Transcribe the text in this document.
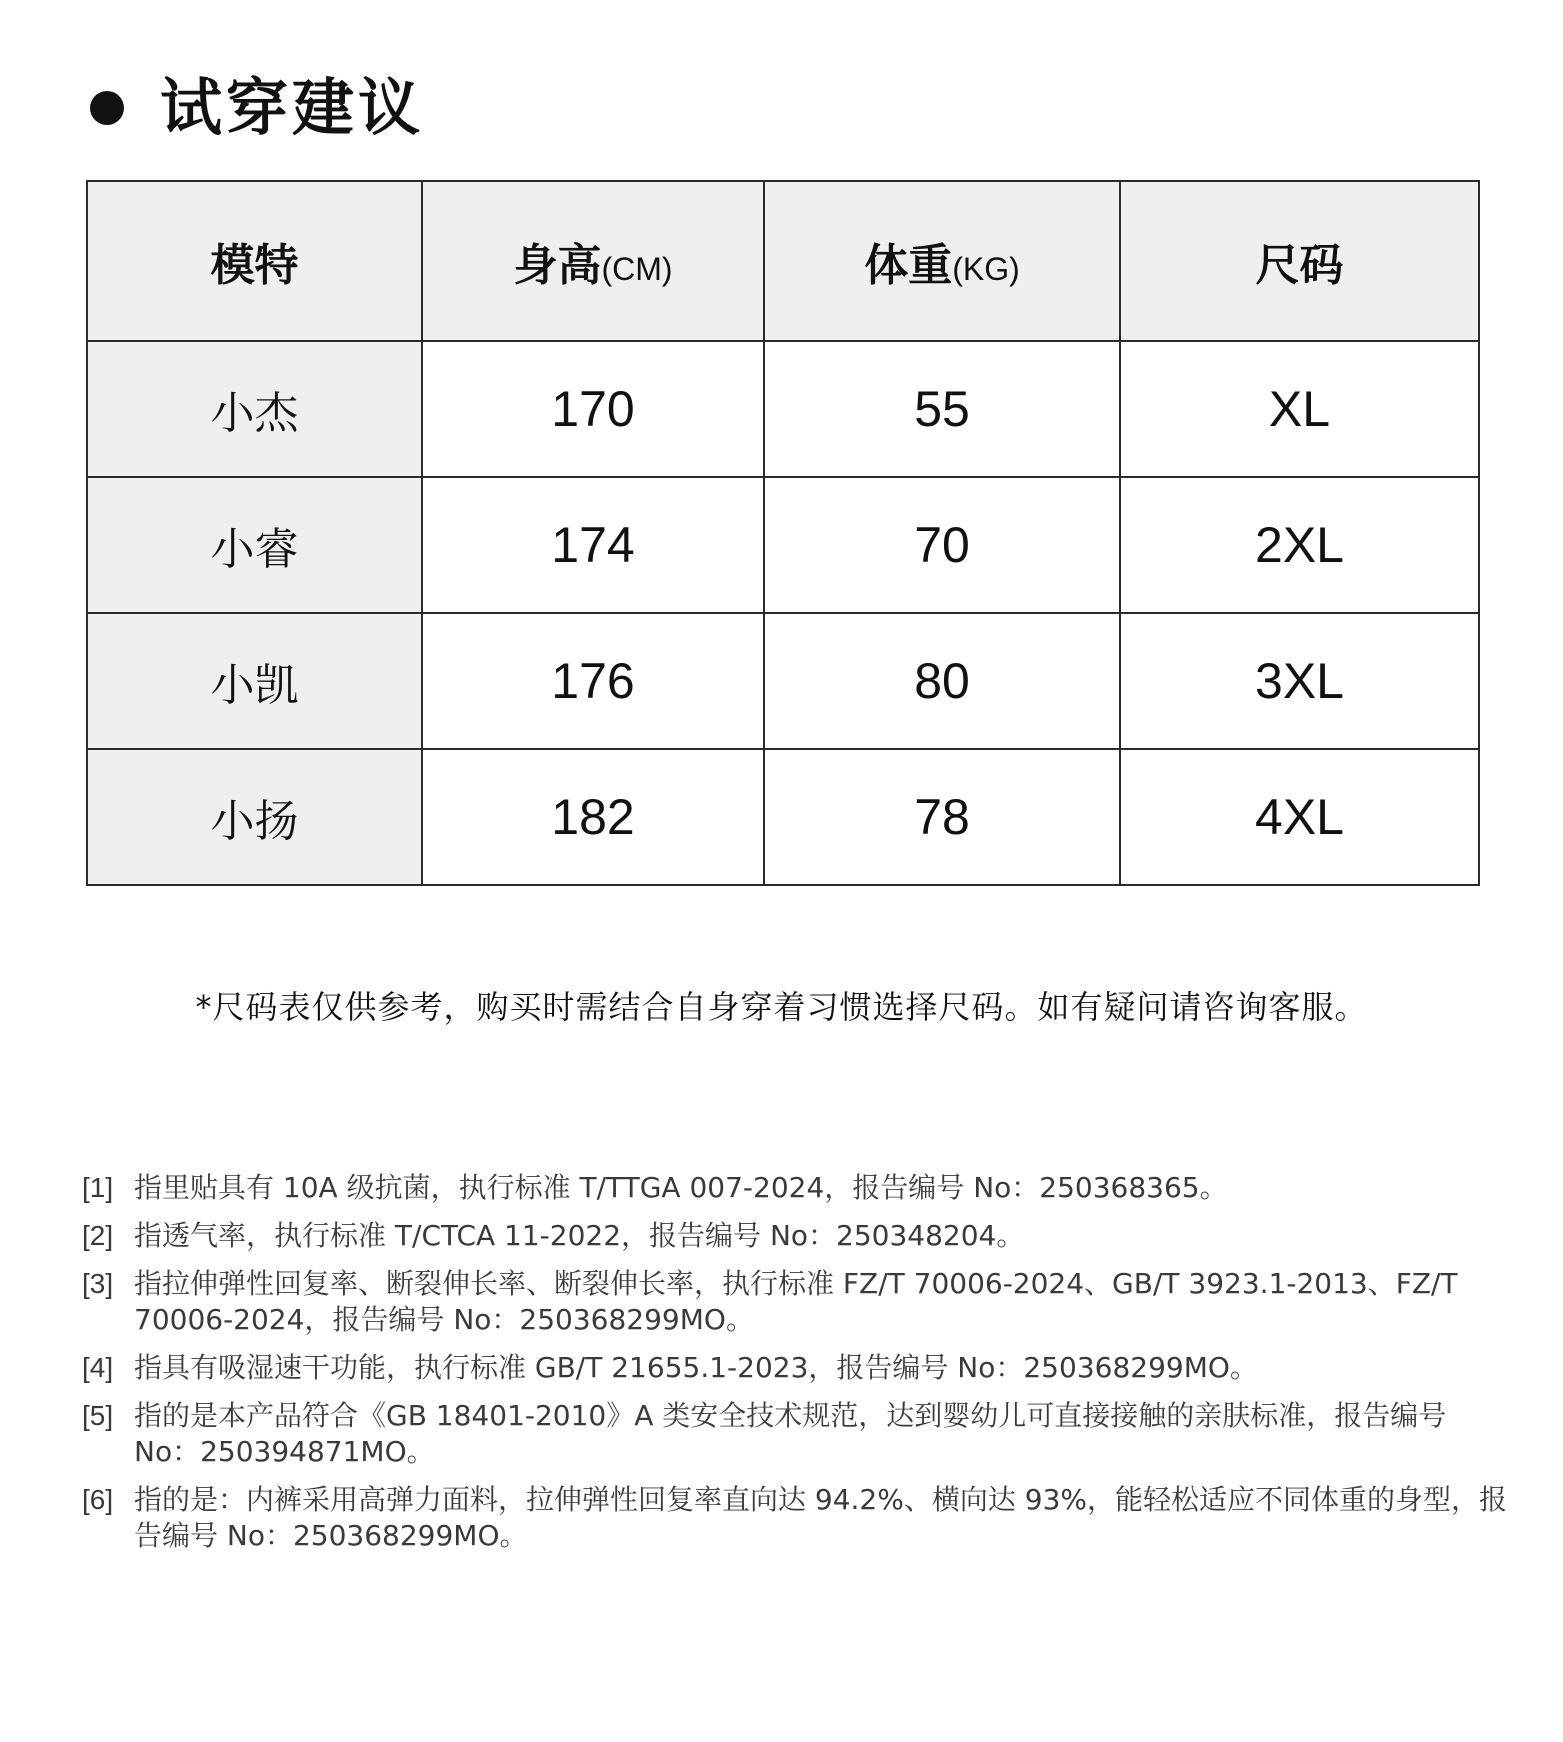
试穿建议
模特	身高(CM)	体重(KG)	尺码
小杰	170	55	XL
小睿	174	70	2XL
小凯	176	80	3XL
小扬	182	78	4XL
*尺码表仅供参考，购买时需结合自身穿着习惯选择尺码。如有疑问请咨询客服。
[1] 指里贴具有 10A 级抗菌，执行标准 T/TTGA 007-2024，报告编号 No：250368365。
[2] 指透气率，执行标准 T/CTCA 11-2022，报告编号 No：250348204。
[3] 指拉伸弹性回复率、断裂伸长率、断裂伸长率，执行标准 FZ/T 70006-2024、GB/T 3923.1-2013、FZ/T 70006-2024，报告编号 No：250368299MO。
[4] 指具有吸湿速干功能，执行标准 GB/T 21655.1-2023，报告编号 No：250368299MO。
[5] 指的是本产品符合《GB 18401-2010》A 类安全技术规范，达到婴幼儿可直接接触的亲肤标准，报告编号 No：250394871MO。
[6] 指的是：内裤采用高弹力面料，拉伸弹性回复率直向达 94.2%、横向达 93%，能轻松适应不同体重的身型，报告编号 No：250368299MO。
